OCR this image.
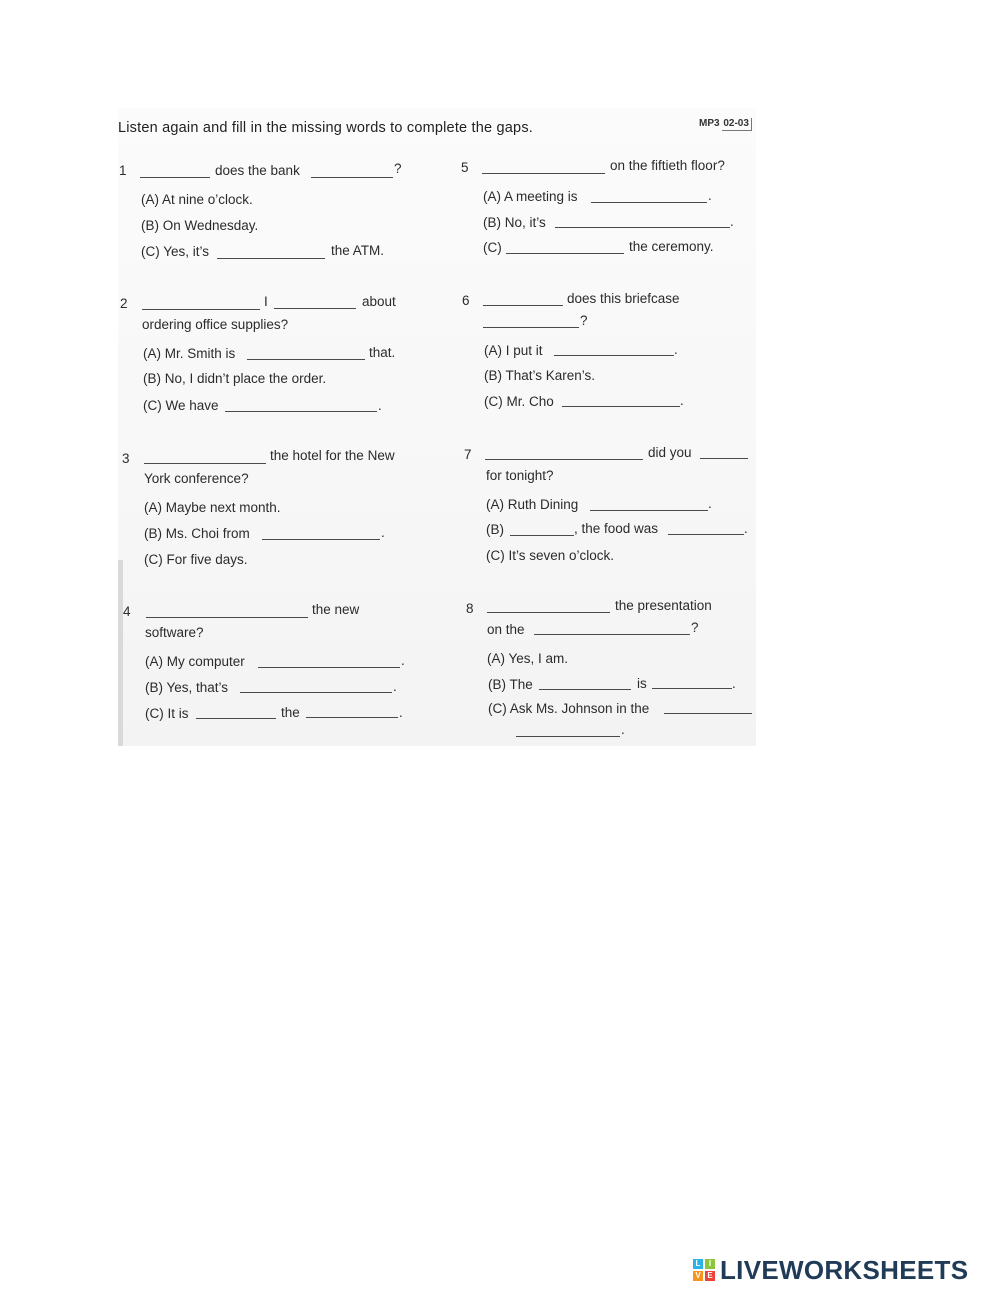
Listen again and fill in the missing words to complete the gaps.	MP3 02-03
1	does the bank	?
(A) At nine o’clock.
(B) On Wednesday.
(C) Yes, it’s	the ATM.
2	I	about
ordering office supplies?
(A) Mr. Smith is	that.
(B) No, I didn’t place the order.
(C) We have	.
3	the hotel for the New
York conference?
(A) Maybe next month.
(B) Ms. Choi from	.
(C) For five days.
4	the new
software?
(A) My computer	.
(B) Yes, that’s	.
(C) It is	the	.
5	on the fiftieth floor?
(A) A meeting is	.
(B) No, it’s	.
(C)	the ceremony.
6	does this briefcase
?
(A) I put it	.
(B) That’s Karen’s.
(C) Mr. Cho	.
7	did you
for tonight?
(A) Ruth Dining	.
(B)	, the food was	.
(C) It’s seven o’clock.
8	the presentation
on the	?
(A) Yes, I am.
(B) The	is	.
(C) Ask Ms. Johnson in the
.
L	I
V E LIVEWORKSHEETS
